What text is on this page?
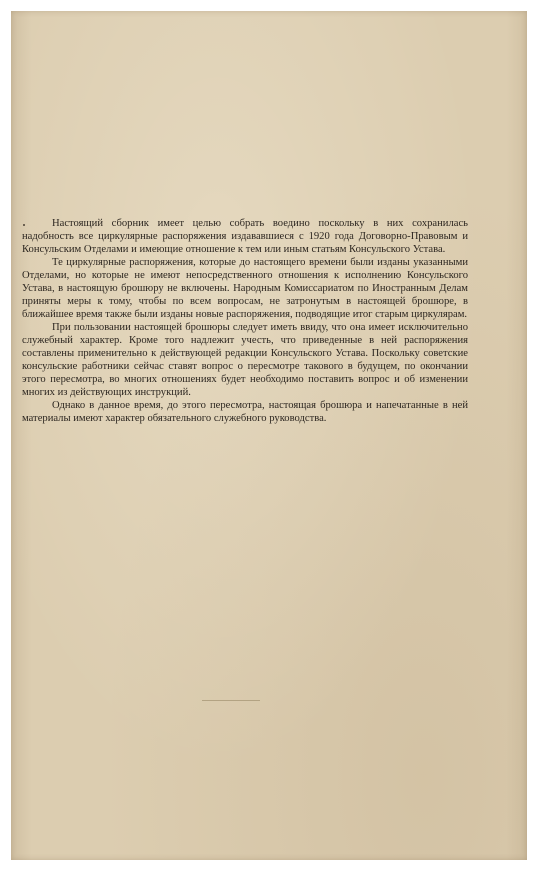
Настоящий сборник имеет целью собрать воедино поскольку в них сохранилась надобность все циркулярные распоряжения издававшиеся с 1920 года Договорно-Правовым и Консульским Отделами и имеющие отношение к тем или иным статьям Консульского Устава.

Те циркулярные распоряжения, которые до настоящего времени были изданы указанными Отделами, но которые не имеют непосредственного отношения к исполнению Консульского Устава, в настоящую брошюру не включены. Народным Комиссариатом по Иностранным Делам приняты меры к тому, чтобы по всем вопросам, не затронутым в настоящей брошюре, в ближайшее время также были изданы новые распоряжения, подводящие итог старым циркулярам.

При пользовании настоящей брошюры следует иметь ввиду, что она имеет исключительно служебный характер. Кроме того надлежит учесть, что приведенные в ней распоряжения составлены применительно к действующей редакции Консульского Устава. Поскольку советские консульские работники сейчас ставят вопрос о пересмотре такового в будущем, по окончании этого пересмотра, во многих отношениях будет необходимо поставить вопрос и об изменении многих из действующих инструкций.

Однако в данное время, до этого пересмотра, настоящая брошюра и напечатанные в ней материалы имеют характер обязательного служебного руководства.
